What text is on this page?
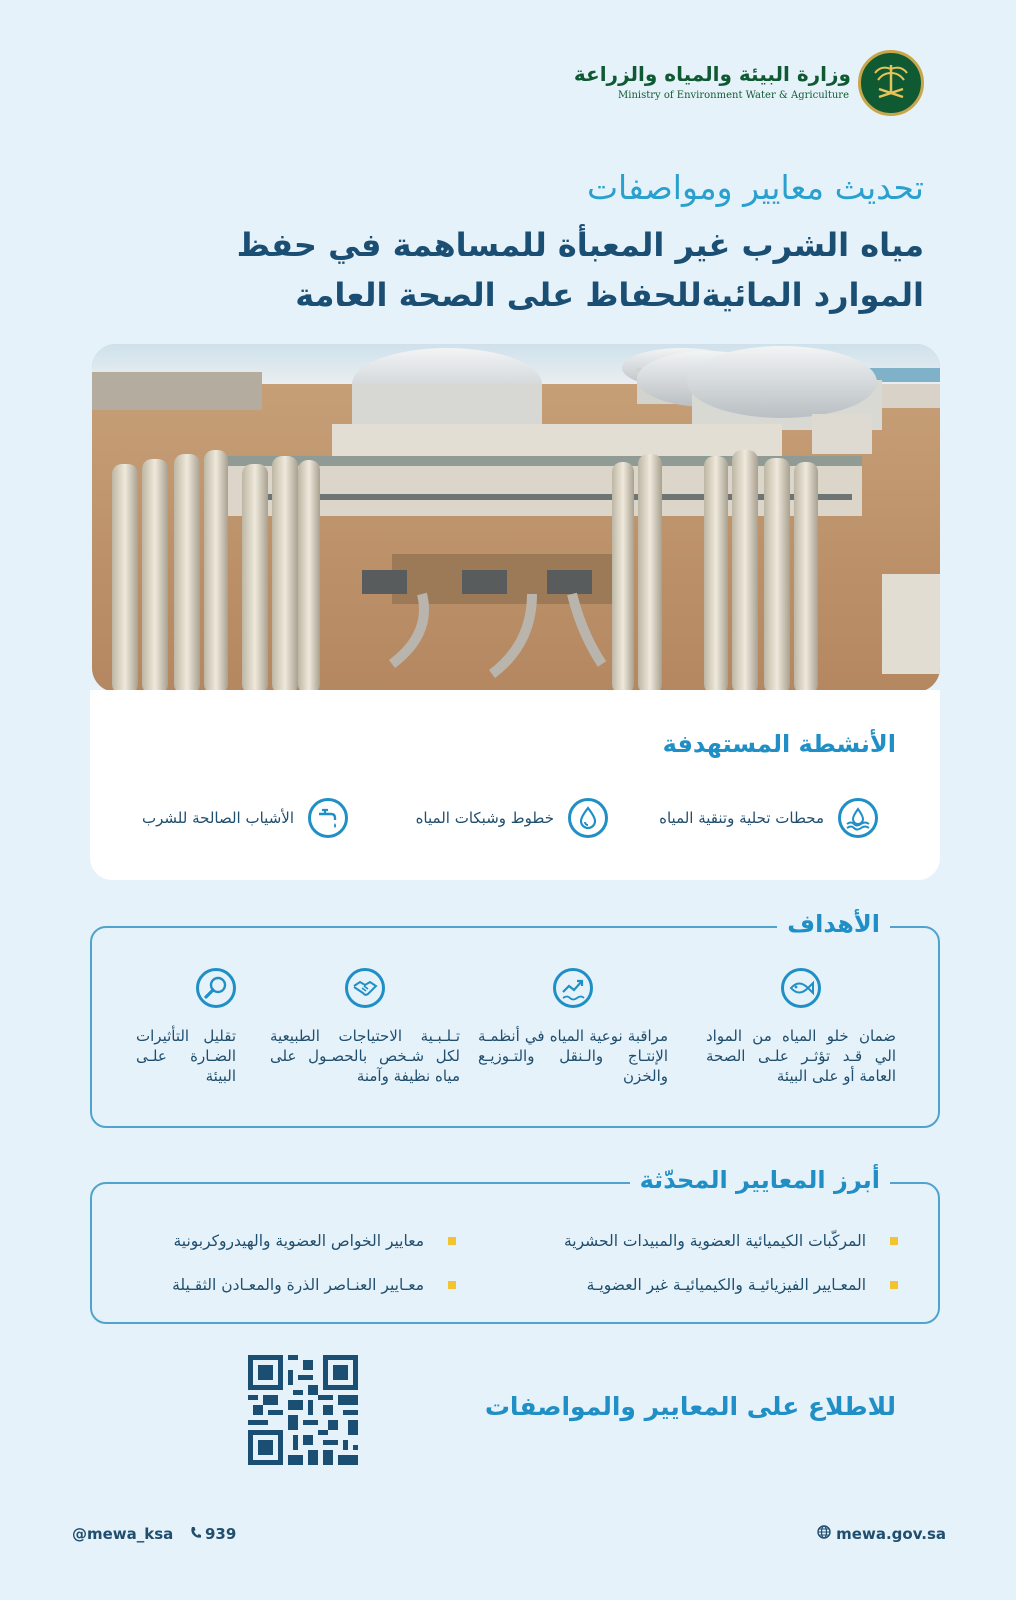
وزارة البيئة والمياه والزراعة
Ministry of Environment Water & Agriculture
تحديث معايير ومواصفات
مياه الشرب غير المعبأة للمساهمة في حفظ الموارد المائيةللحفاظ على الصحة العامة
الأنشطة المستهدفة
محطات تحلية وتنقية المياه
خطوط وشبكات المياه
الأشياب الصالحة للشرب
الأهداف
ضمان خلو المياه من المواد الي قـد تؤثـر علـى الصحة العامة أو على البيئة
مراقبة نوعية المياه في أنظمـة الإنتـاج والـنقل والتـوزيـع والخزن
تـلـبـية الاحتياجات الطبيعية لكل شـخص بالحصـول على مياه نظيفة وآمنة
تقليل التأثيرات الضـارة علـى البيئة
أبرز المعايير المحدّثة
المركّبات الكيميائية العضوية والمبيدات الحشرية
معايير الخواص العضوية والهيدروكربونية
المعـايير الفيزيائيـة والكيميائيـة غير العضويـة
معـايير العنـاصر الذرة والمعـادن الثقـيلة
للاطلاع على المعايير والمواصفات
@mewa_ksa 939	mewa.gov.sa
